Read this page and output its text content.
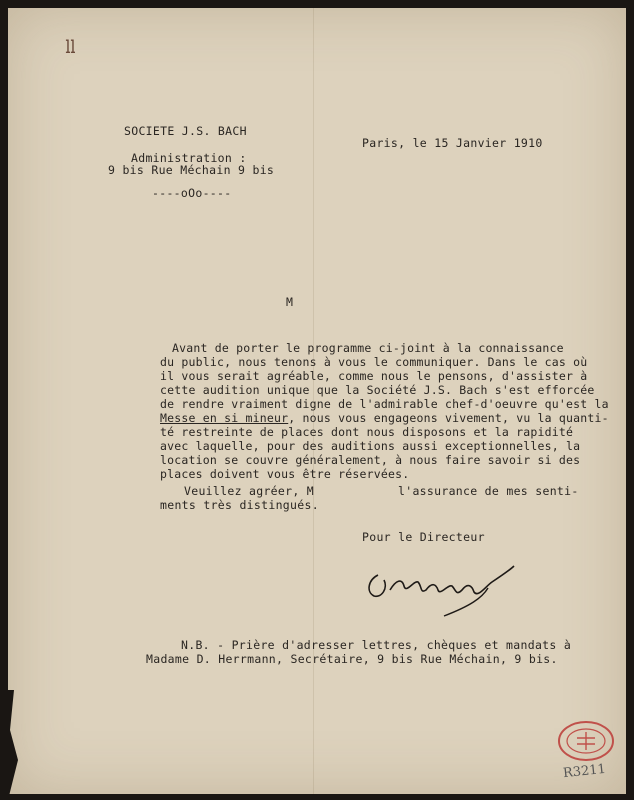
ıı
SOCIETE J.S. BACH
Administration :
9 bis Rue Méchain 9 bis
----oOo----
Paris, le 15 Janvier 1910
M
Avant de porter le programme ci-joint à la connaissance
du public, nous tenons à vous le communiquer. Dans le cas où
il vous serait agréable, comme nous le pensons, d'assister à
cette audition unique que la Société J.S. Bach s'est efforcée
de rendre vraiment digne de l'admirable chef-d'oeuvre qu'est la
Messe en si mineur, nous vous engageons vivement, vu la quanti-
té restreinte de places dont nous disposons et la rapidité
avec laquelle, pour des auditions aussi exceptionnelles, la
location se couvre généralement, à nous faire savoir si des
places doivent vous être réservées.
Veuillez agréer, M	l'assurance de mes senti-
ments très distingués.
Pour le Directeur
N.B. - Prière d'adresser lettres, chèques et mandats à
Madame D. Herrmann, Secrétaire, 9 bis Rue Méchain, 9 bis.
R3211
